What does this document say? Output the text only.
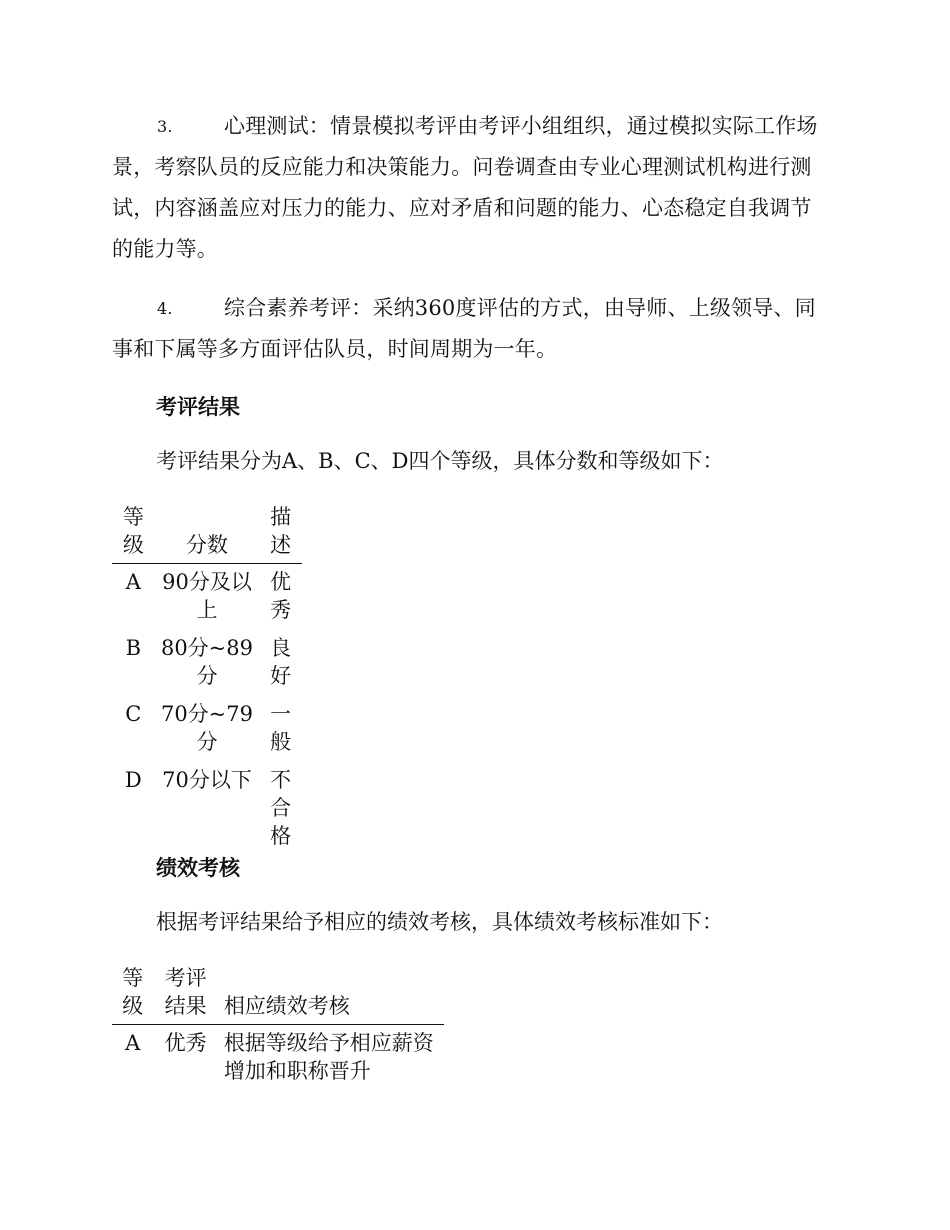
3. 心理测试：情景模拟考评由考评小组组织，通过模拟实际工作场景，考察队员的反应能力和决策能力。问卷调查由专业心理测试机构进行测试，内容涵盖应对压力的能力、应对矛盾和问题的能力、心态稳定自我调节的能力等。

4. 综合素养考评：采纳360度评估的方式，由导师、上级领导、同事和下属等多方面评估队员，时间周期为一年。

考评结果

考评结果分为A、B、C、D四个等级，具体分数和等级如下：

等级	分数	描述
A	90分及以上	优秀
B	80分~89分	良好
C	70分~79分	一般
D	70分以下	不合格
绩效考核

根据考评结果给予相应的绩效考核，具体绩效考核标准如下：

等级	考评结果	相应绩效考核
A	优秀	根据等级给予相应薪资增加和职称晋升
